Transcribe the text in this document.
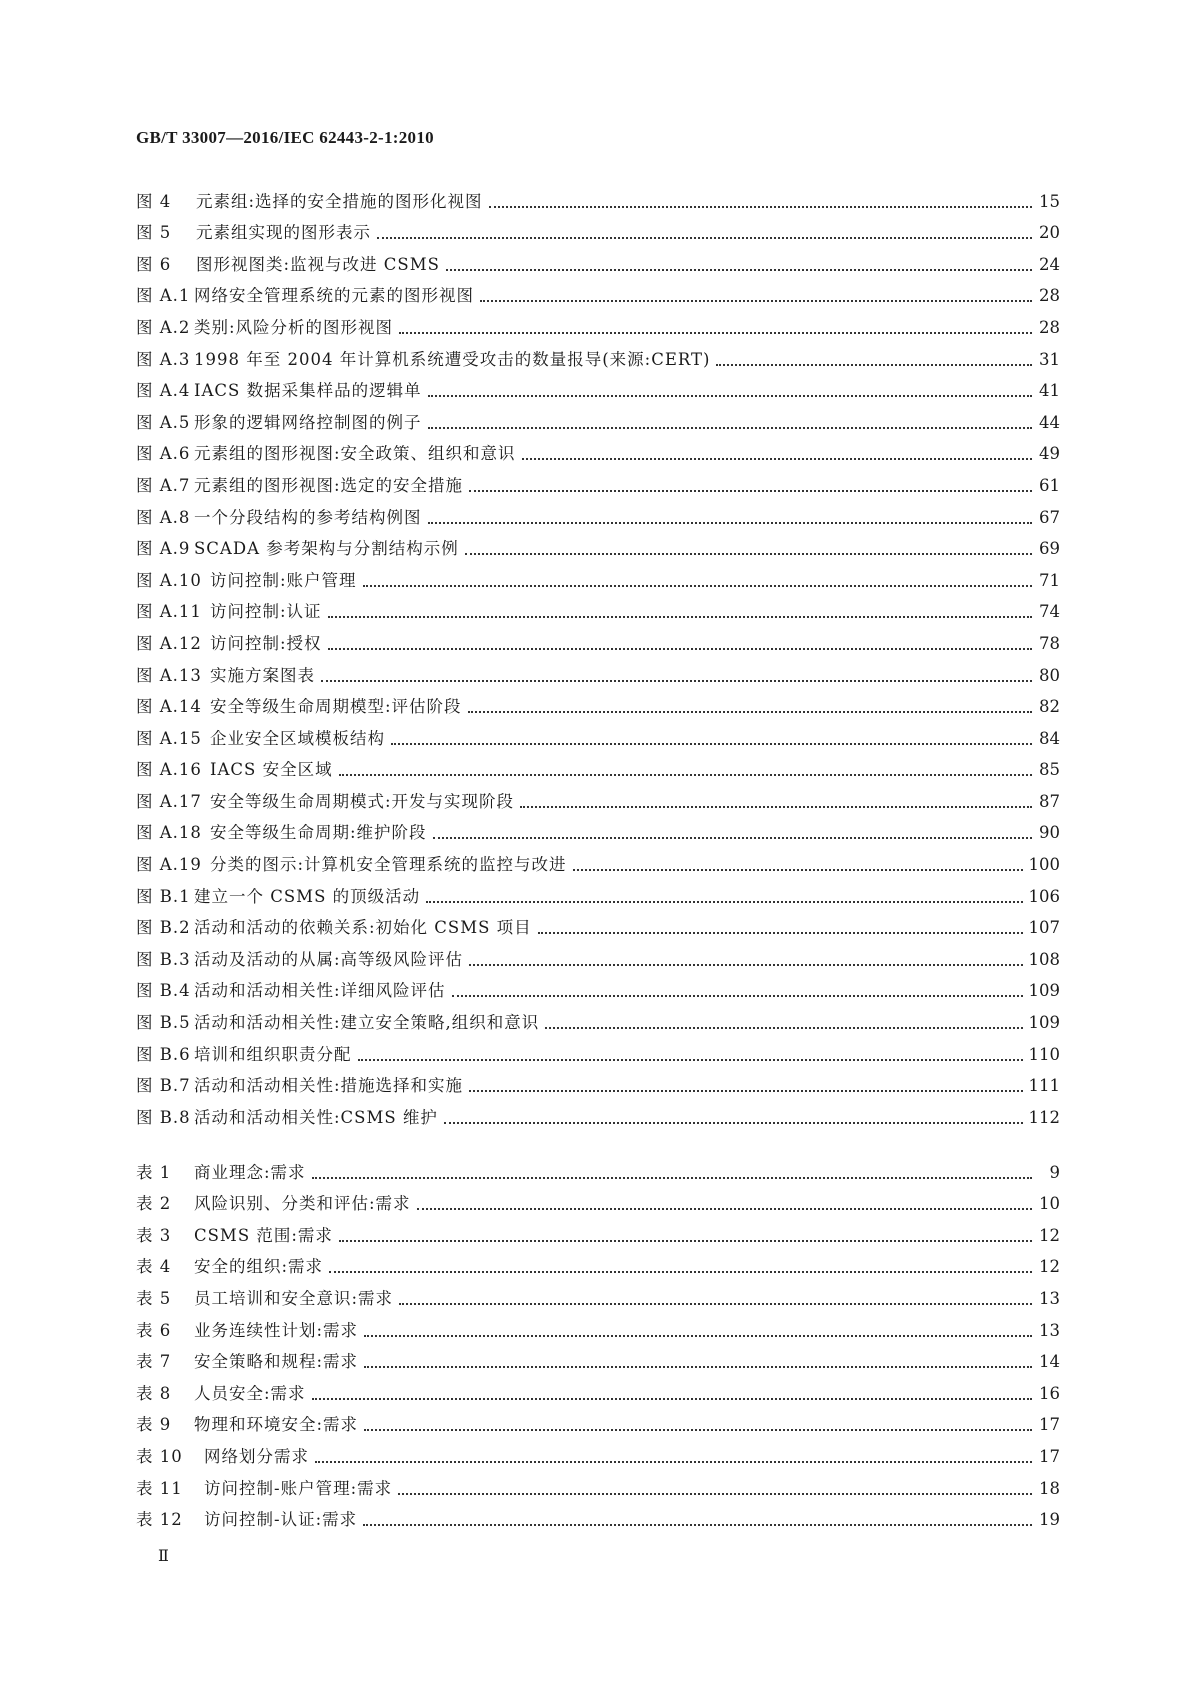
GB/T 33007—2016/IEC 62443-2-1:2010
图 4 元素组:选择的安全措施的图形化视图	15
图 5 元素组实现的图形表示	20
图 6 图形视图类:监视与改进 CSMS	24
图 A.1 网络安全管理系统的元素的图形视图	28
图 A.2 类别:风险分析的图形视图	28
图 A.3 1998 年至 2004 年计算机系统遭受攻击的数量报导(来源:CERT)	31
图 A.4 IACS 数据采集样品的逻辑单	41
图 A.5 形象的逻辑网络控制图的例子	44
图 A.6 元素组的图形视图:安全政策、组织和意识	49
图 A.7 元素组的图形视图:选定的安全措施	61
图 A.8 一个分段结构的参考结构例图	67
图 A.9 SCADA 参考架构与分割结构示例	69
图 A.10 访问控制:账户管理	71
图 A.11 访问控制:认证	74
图 A.12 访问控制:授权	78
图 A.13 实施方案图表	80
图 A.14 安全等级生命周期模型:评估阶段	82
图 A.15 企业安全区域模板结构	84
图 A.16 IACS 安全区域	85
图 A.17 安全等级生命周期模式:开发与实现阶段	87
图 A.18 安全等级生命周期:维护阶段	90
图 A.19 分类的图示:计算机安全管理系统的监控与改进	100
图 B.1 建立一个 CSMS 的顶级活动	106
图 B.2 活动和活动的依赖关系:初始化 CSMS 项目	107
图 B.3 活动及活动的从属:高等级风险评估	108
图 B.4 活动和活动相关性:详细风险评估	109
图 B.5 活动和活动相关性:建立安全策略,组织和意识	109
图 B.6 培训和组织职责分配	110
图 B.7 活动和活动相关性:措施选择和实施	111
图 B.8 活动和活动相关性:CSMS 维护	112
表 1 商业理念:需求	9
表 2 风险识别、分类和评估:需求	10
表 3 CSMS 范围:需求	12
表 4 安全的组织:需求	12
表 5 员工培训和安全意识:需求	13
表 6 业务连续性计划:需求	13
表 7 安全策略和规程:需求	14
表 8 人员安全:需求	16
表 9 物理和环境安全:需求	17
表 10 网络划分需求	17
表 11 访问控制-账户管理:需求	18
表 12 访问控制-认证:需求	19
Ⅱ
